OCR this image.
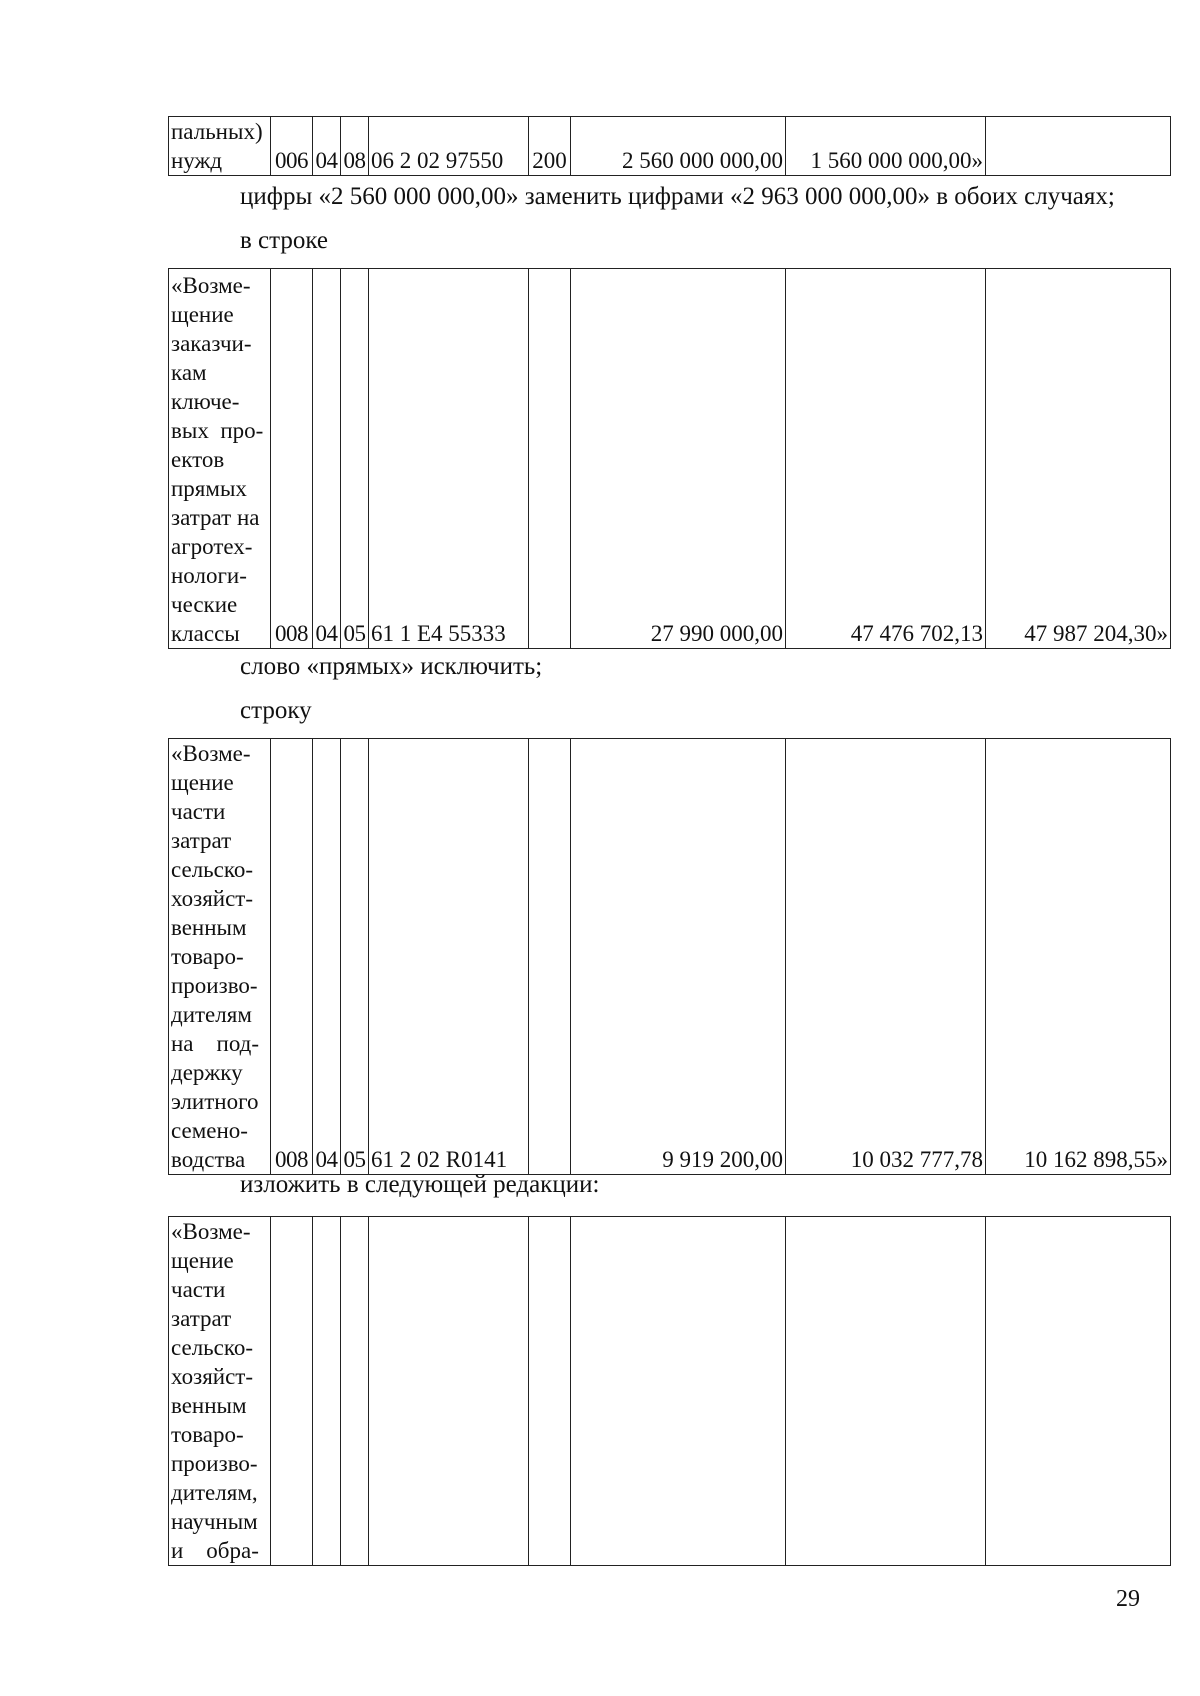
пальных)
нужд	006	04	08	06 2 02 97550	200	2 560 000 000,00	1 560 000 000,00»	
цифры «2 560 000 000,00» заменить цифрами «2 963 000 000,00» в обоих случаях;
в строке
«Возме-
щение
заказчи-
кам
ключе-
вых  про-
ектов
прямых
затрат на
агротех-
нологи-
ческие
классы	008	04	05	61 1 E4 55333		27 990 000,00	47 476 702,13	47 987 204,30»
слово «прямых» исключить;
строку
«Возме-
щение
части
затрат
сельско-
хозяйст-
венным
товаро-
произво-
дителям
на    под-
держку
элитного
семено-
водства	008	04	05	61 2 02 R0141		9 919 200,00	10 032 777,78	10 162 898,55»
изложить в следующей редакции:
«Возме-
щение
части
затрат
сельско-
хозяйст-
венным
товаро-
произво-
дителям,
научным
и    обра-

29
